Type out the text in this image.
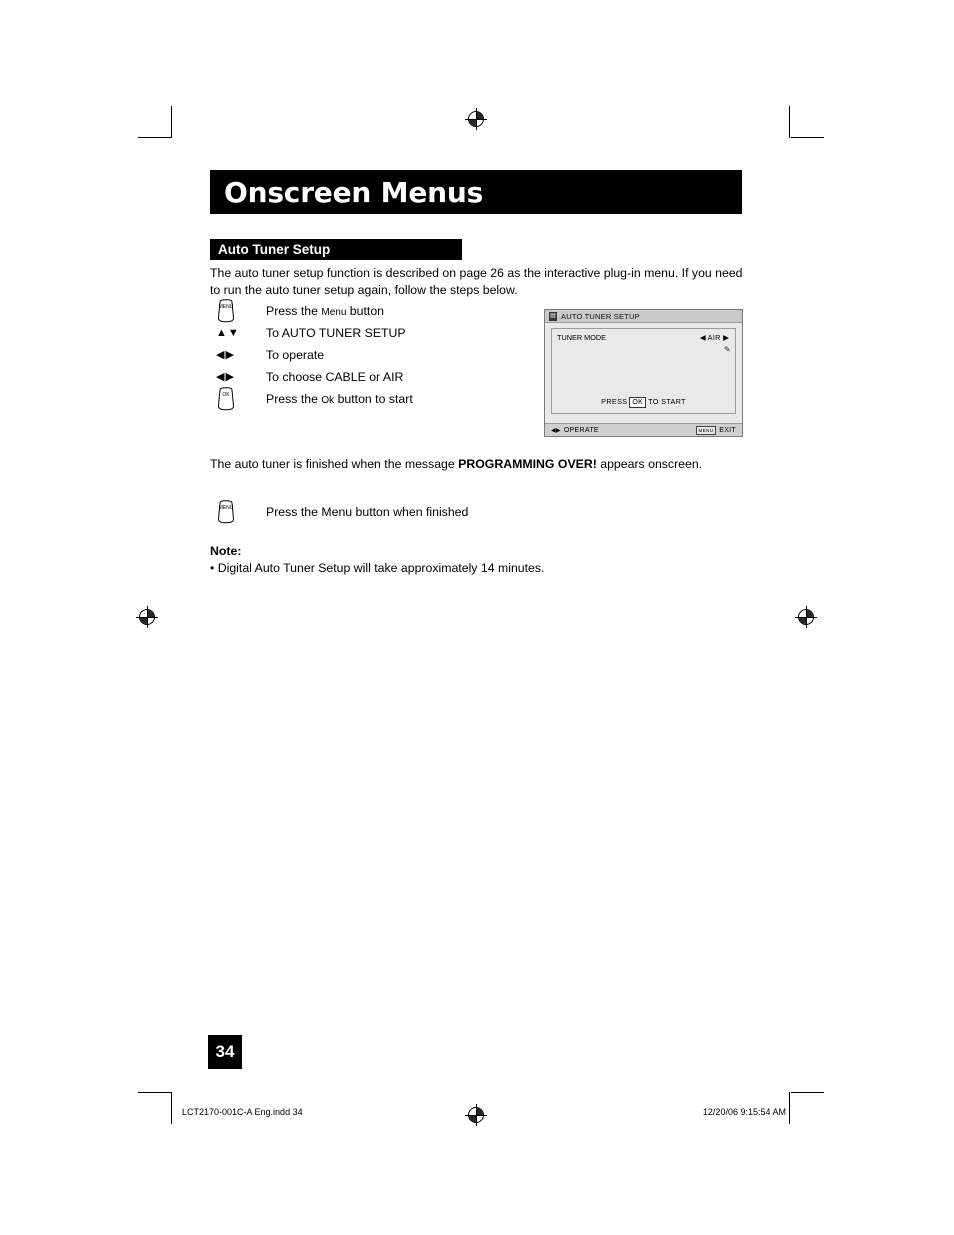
Onscreen Menus
Auto Tuner Setup
The auto tuner setup function is described on page 26 as the interactive plug-in menu. If you need to run the auto tuner setup again, follow the steps below.
MENU	Press the Menu button
▲▼ To AUTO TUNER SETUP
◀▶	To operate
◀▶	To choose CABLE or AIR
OK	Press the Ok button to start
▤ AUTO TUNER SETUP
TUNER MODE	◀ AIR ▶
✎
PRESS OK TO START
◀▶ OPERATE	MENU EXIT
The auto tuner is finished when the message PROGRAMMING OVER! appears onscreen.
MENU	Press the Menu button when finished
Note:
• Digital Auto Tuner Setup will take approximately 14 minutes.
34
LCT2170-001C-A Eng.indd 34	12/20/06 9:15:54 AM
